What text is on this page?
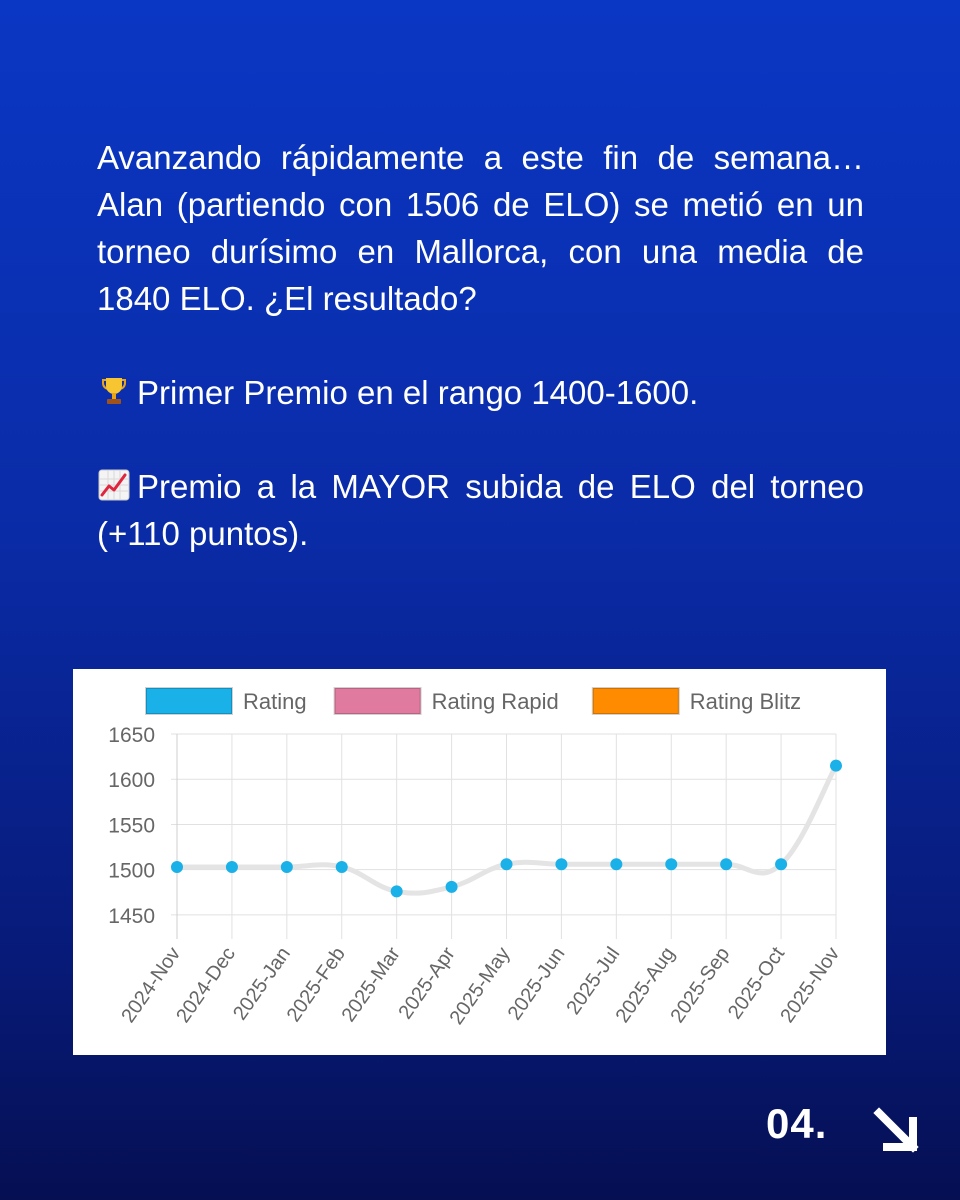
Avanzando rápidamente a este fin de semana… Alan (partiendo con 1506 de ELO) se metió en un torneo durísimo en Mallorca, con una media de 1840 ELO. ¿El resultado?

Primer Premio en el rango 1400-1600.

Premio a la MAYOR subida de ELO del torneo (+110 puntos).

1650
1600
1550
1500
1450
2024-Nov
2024-Dec
2025-Jan
2025-Feb
2025-Mar
2025-Apr
2025-May
2025-Jun
2025-Jul
2025-Aug
2025-Sep
2025-Oct
2025-Nov
Rating	Rating Rapid	Rating Blitz
04.
